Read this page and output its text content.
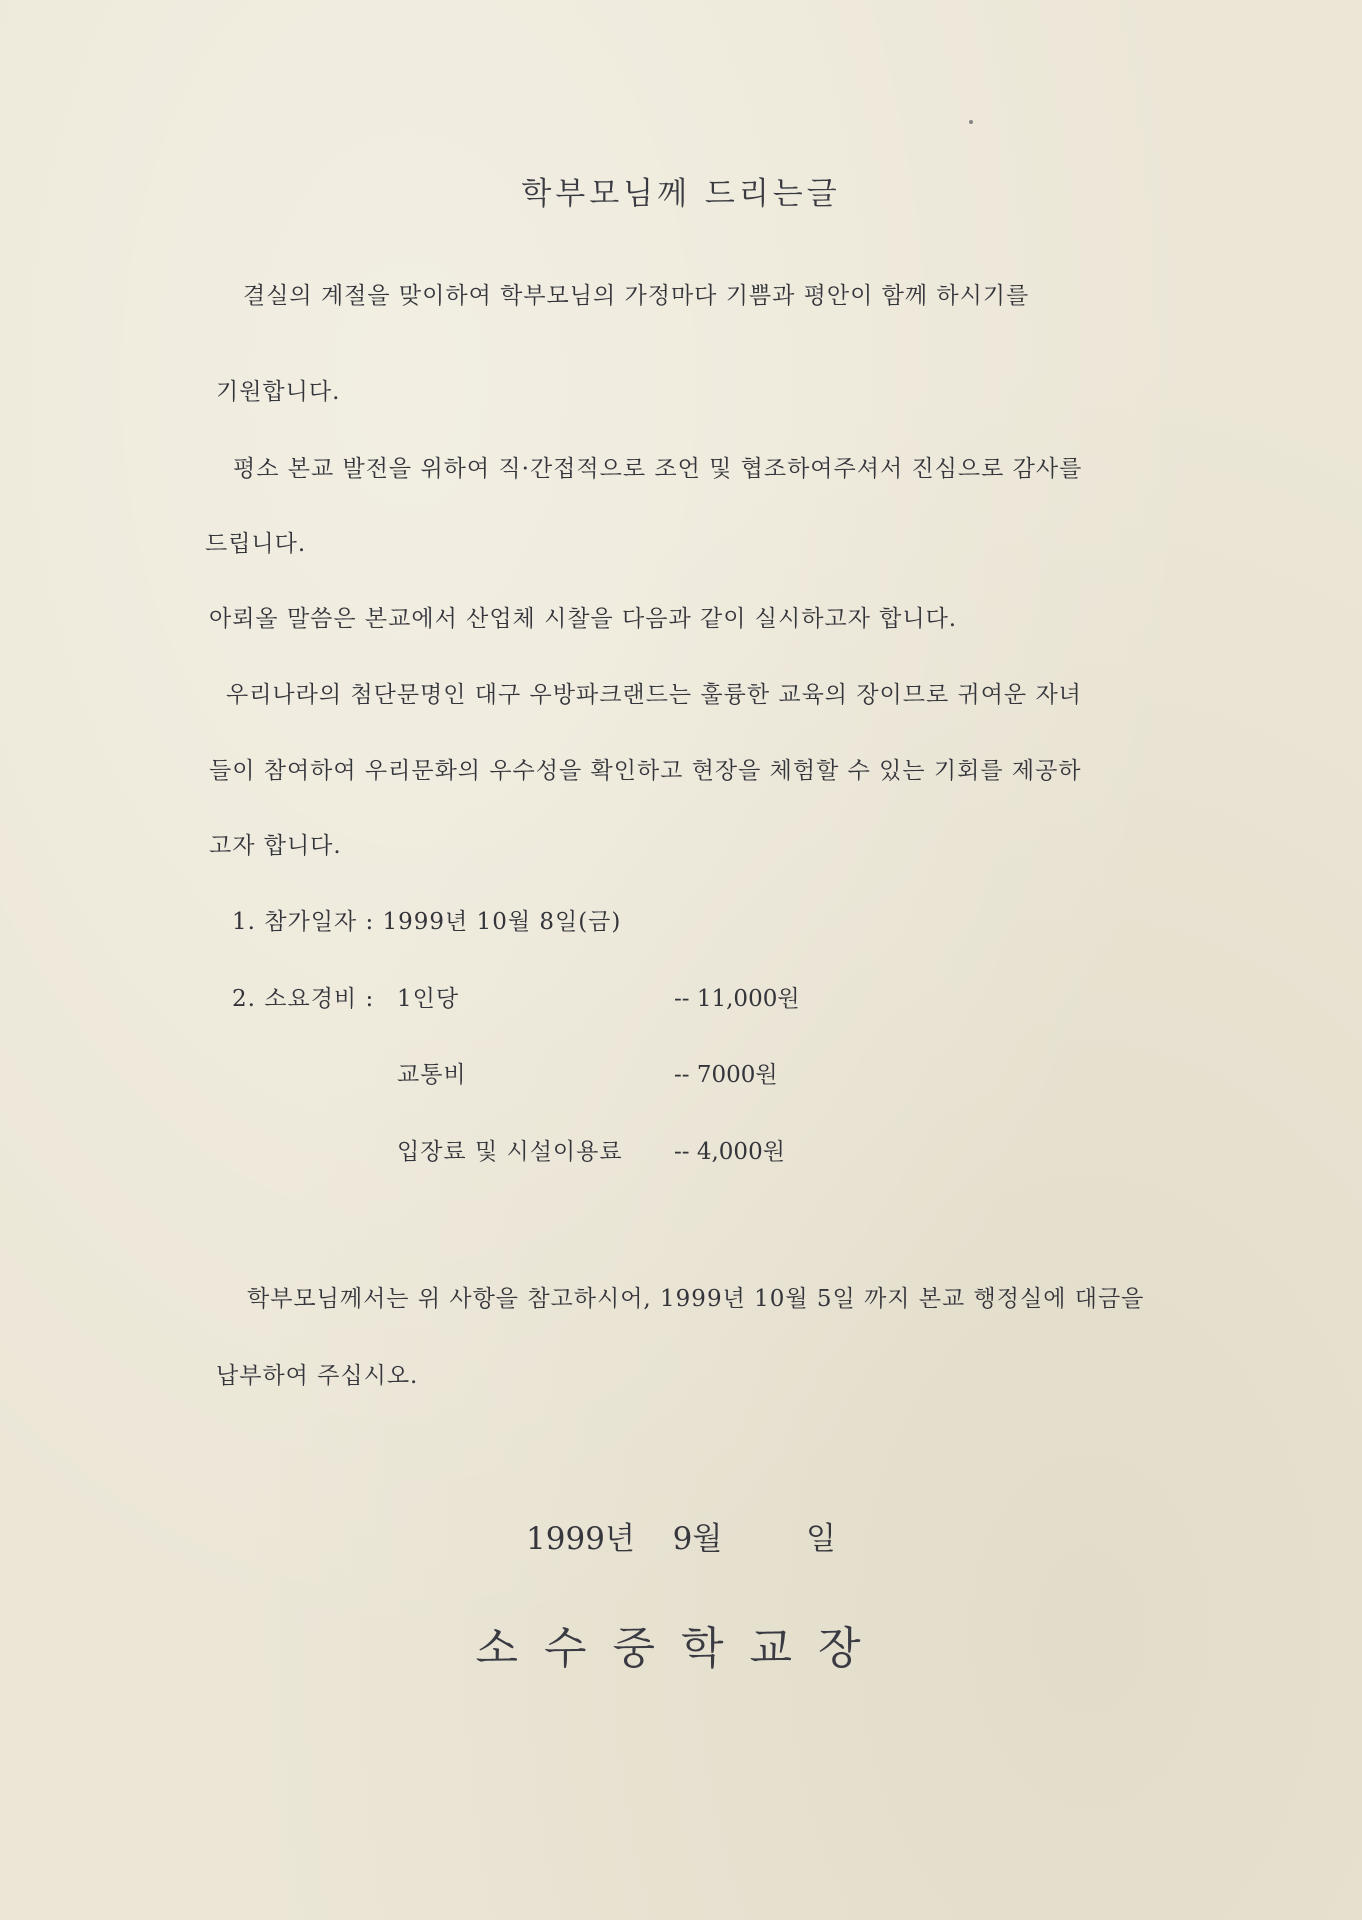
학부모님께 드리는글
결실의 계절을 맞이하여 학부모님의 가정마다 기쁨과 평안이 함께 하시기를
기원합니다.
평소 본교 발전을 위하여 직·간접적으로 조언 및 협조하여주셔서 진심으로 감사를
드립니다.
아뢰올 말씀은 본교에서 산업체 시찰을 다음과 같이 실시하고자 합니다.
우리나라의 첨단문명인 대구 우방파크랜드는 훌륭한 교육의 장이므로 귀여운 자녀
들이 참여하여 우리문화의 우수성을 확인하고 현장을 체험할 수 있는 기회를 제공하
고자 합니다.
1. 참가일자 : 1999년 10월 8일(금)
2. 소요경비 : 1인당	-- 11,000원
교통비	-- 7000원
입장료 및 시설이용료 -- 4,000원
학부모님께서는 위 사항을 참고하시어, 1999년 10월 5일 까지 본교 행정실에 대금을
납부하여 주십시오.
1999년 9월	일
소수중학교장
